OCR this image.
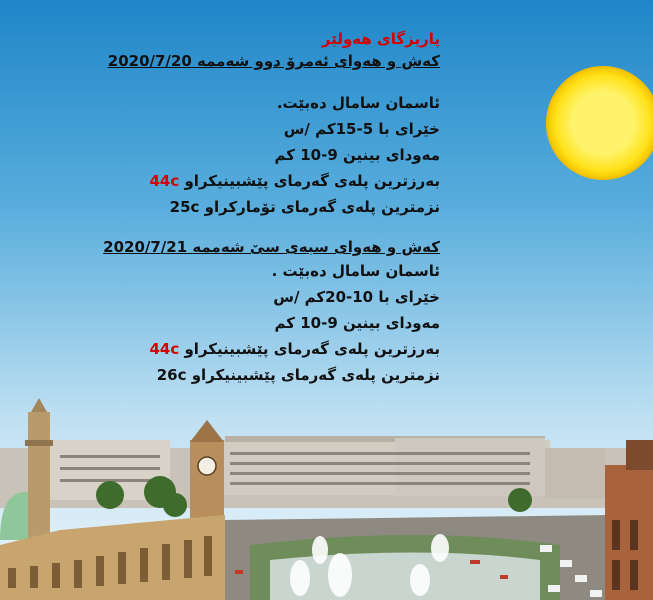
پاریزگای هەولێر
کەش و هەوای ئەمرۆ دوو شەممە 2020/7/20
ئاسمان سامال دەبێت.
خێرای با 5-15کم /س
مەودای بینین 9-10 کم
بەرزترین پلەی گەرمای پێشبینیکراو 44c
نزمترین پلەی گەرمای تۆمارکراو 25c
کەش و هەوای سبەی سێ شەممە 2020/7/21
ئاسمان سامال دەبێت .
خێرای با 10-20کم /س
مەودای بینین 9-10 کم
بەرزترین پلەی گەرمای پێشبینیکراو 44c
نزمترین پلەی گەرمای پێشبینیکراو 26c
